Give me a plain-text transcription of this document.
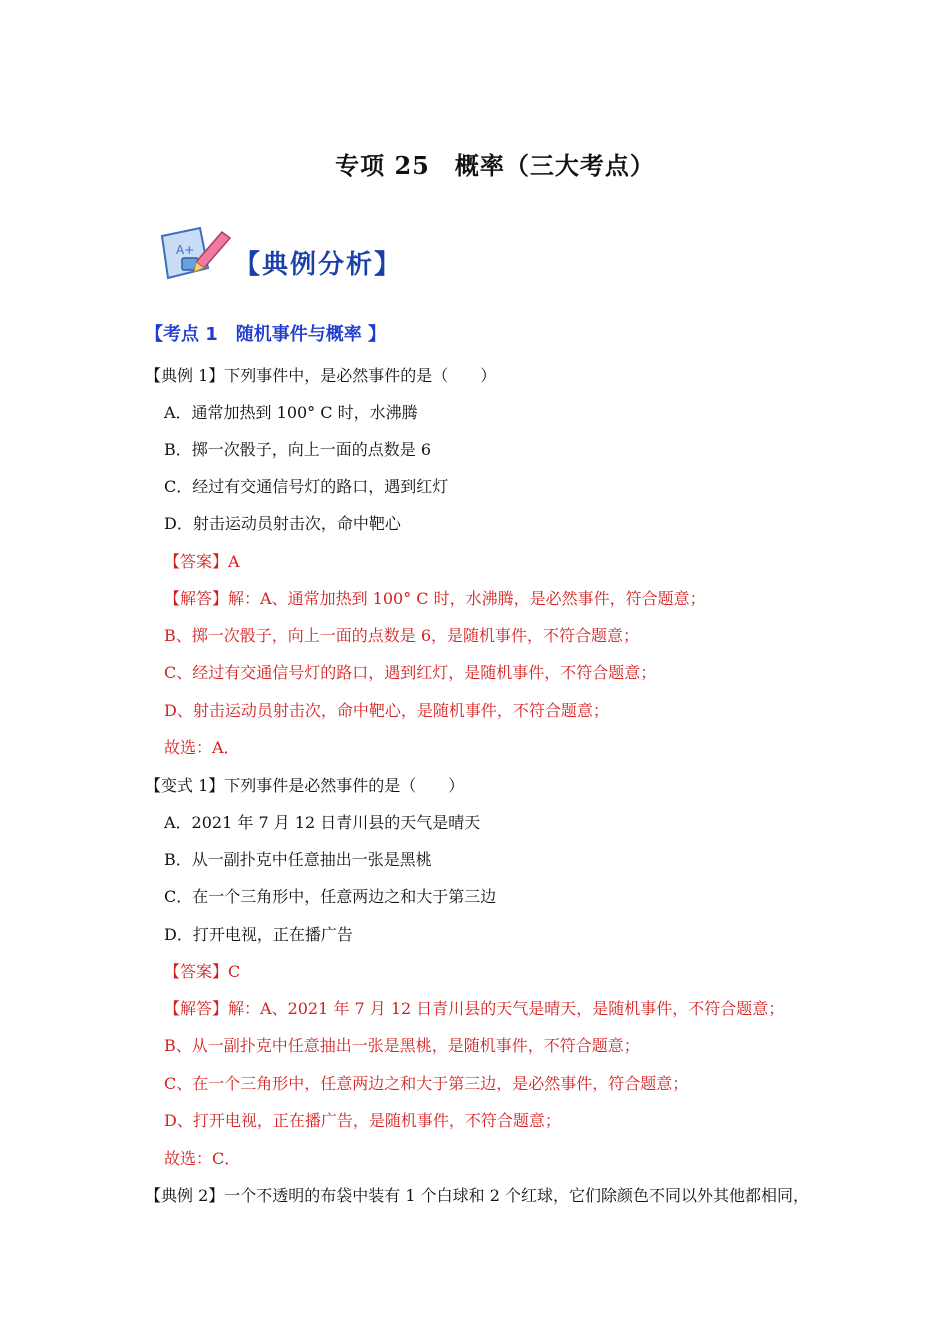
专项 25　概率（三大考点）
A+ 【典例分析】
【考点 1　随机事件与概率 】
【典例 1】下列事件中，是必然事件的是（　　）
A．通常加热到 100° C 时，水沸腾
B．掷一次骰子，向上一面的点数是 6
C．经过有交通信号灯的路口，遇到红灯
D．射击运动员射击次，命中靶心
【答案】A
【解答】解：A、通常加热到 100° C 时，水沸腾，是必然事件，符合题意；
B、掷一次骰子，向上一面的点数是 6，是随机事件，不符合题意；
C、经过有交通信号灯的路口，遇到红灯，是随机事件，不符合题意；
D、射击运动员射击次，命中靶心，是随机事件，不符合题意；
故选：A．
【变式 1】下列事件是必然事件的是（　　）
A．2021 年 7 月 12 日青川县的天气是晴天
B．从一副扑克中任意抽出一张是黑桃
C．在一个三角形中，任意两边之和大于第三边
D．打开电视，正在播广告
【答案】C
【解答】解：A、2021 年 7 月 12 日青川县的天气是晴天，是随机事件，不符合题意；
B、从一副扑克中任意抽出一张是黑桃，是随机事件，不符合题意；
C、在一个三角形中，任意两边之和大于第三边，是必然事件，符合题意；
D、打开电视，正在播广告，是随机事件，不符合题意；
故选：C．
【典例 2】一个不透明的布袋中装有 1 个白球和 2 个红球，它们除颜色不同以外其他都相同，
